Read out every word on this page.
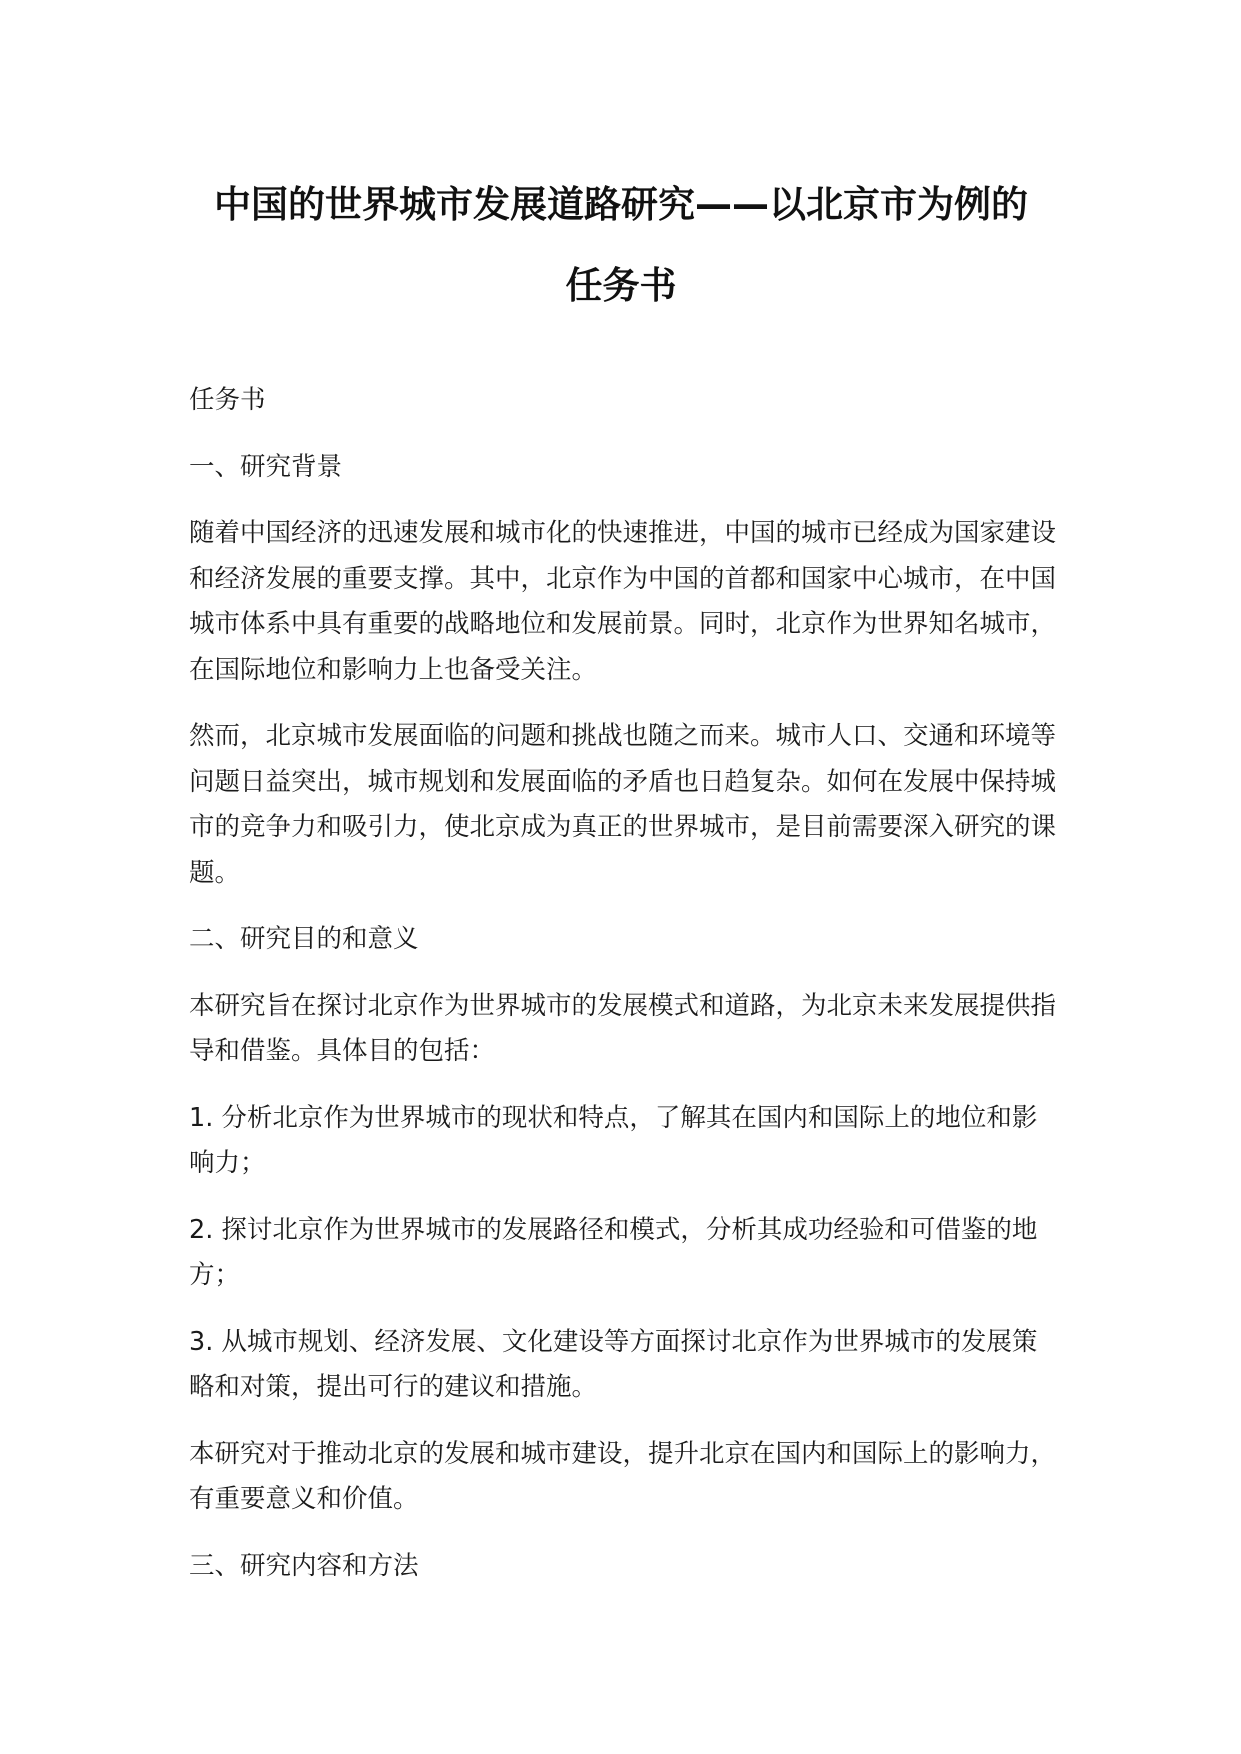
中国的世界城市发展道路研究——以北京市为例的
任务书

任务书

一、研究背景

随着中国经济的迅速发展和城市化的快速推进，中国的城市已经成为国家建设和经济发展的重要支撑。其中，北京作为中国的首都和国家中心城市，在中国城市体系中具有重要的战略地位和发展前景。同时，北京作为世界知名城市，在国际地位和影响力上也备受关注。

然而，北京城市发展面临的问题和挑战也随之而来。城市人口、交通和环境等问题日益突出，城市规划和发展面临的矛盾也日趋复杂。如何在发展中保持城市的竞争力和吸引力，使北京成为真正的世界城市，是目前需要深入研究的课题。

二、研究目的和意义

本研究旨在探讨北京作为世界城市的发展模式和道路，为北京未来发展提供指导和借鉴。具体目的包括：

1. 分析北京作为世界城市的现状和特点，了解其在国内和国际上的地位和影响力；

2. 探讨北京作为世界城市的发展路径和模式，分析其成功经验和可借鉴的地方；

3. 从城市规划、经济发展、文化建设等方面探讨北京作为世界城市的发展策略和对策，提出可行的建议和措施。

本研究对于推动北京的发展和城市建设，提升北京在国内和国际上的影响力，有重要意义和价值。

三、研究内容和方法
